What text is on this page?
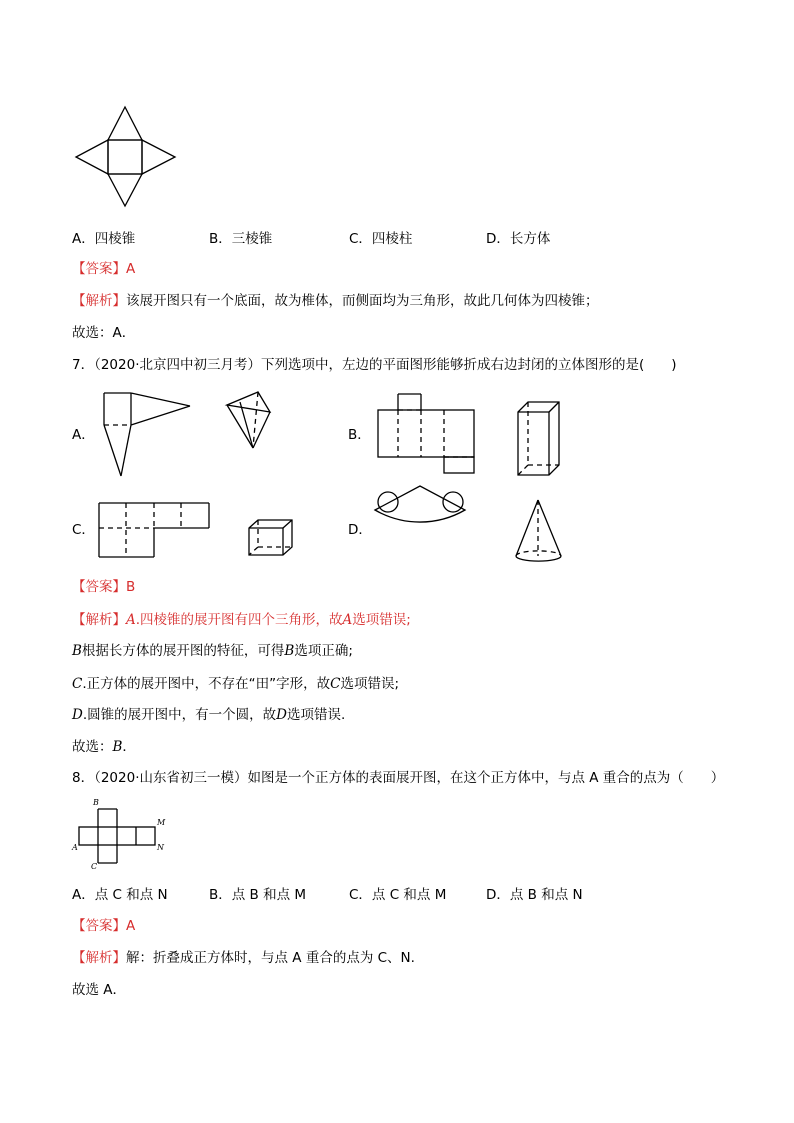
A．四棱锥	B．三棱锥	C．四棱柱	D．长方体
【答案】A
【解析】该展开图只有一个底面，故为椎体，而侧面均为三角形，故此几何体为四棱锥；
故选：A．
7．（2020·北京四中初三月考）下列选项中，左边的平面图形能够折成右边封闭的立体图形的是(　　)
A．	B．
C．	D．
【答案】B
【解析】A.四棱锥的展开图有四个三角形，故A选项错误;
B根据长方体的展开图的特征，可得B选项正确;
C.正方体的展开图中，不存在“田”字形，故C选项错误;
D.圆锥的展开图中，有一个圆，故D选项错误.
故选：B．
8．（2020·山东省初三一模）如图是一个正方体的表面展开图，在这个正方体中，与点 A 重合的点为（　　）
B
M
A	N
C
A．点 C 和点 N	B．点 B 和点 M	C．点 C 和点 M	D．点 B 和点 N
【答案】A
【解析】解：折叠成正方体时，与点 A 重合的点为 C、N.
故选 A．
